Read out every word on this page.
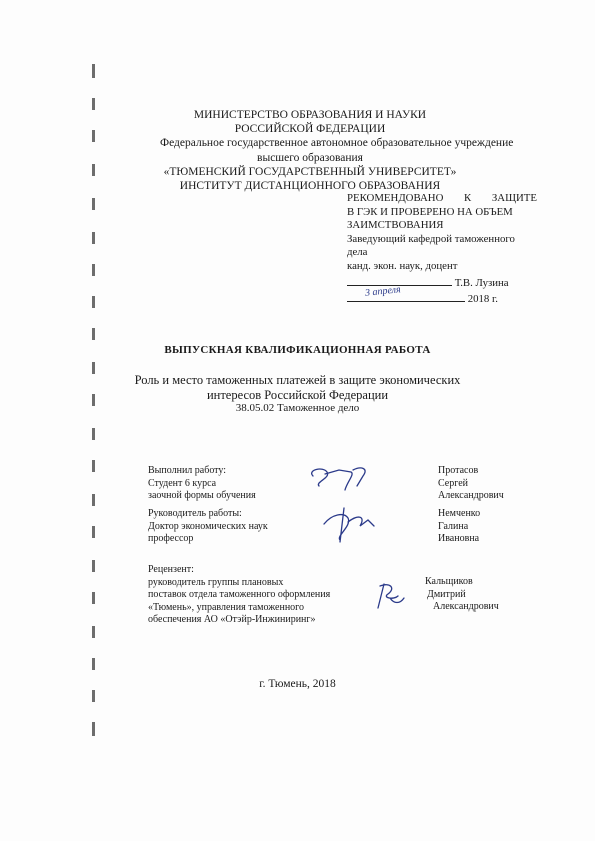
МИНИСТЕРСТВО ОБРАЗОВАНИЯ И НАУКИ
РОССИЙСКОЙ ФЕДЕРАЦИИ
Федеральное государственное автономное образовательное учреждение
высшего образования
«ТЮМЕНСКИЙ ГОСУДАРСТВЕННЫЙ УНИВЕРСИТЕТ»
ИНСТИТУТ ДИСТАНЦИОННОГО ОБРАЗОВАНИЯ
РЕКОМЕНДОВАНО К ЗАЩИТЕ
В ГЭК И ПРОВЕРЕНО НА ОБЪЕМ
ЗАИМСТВОВАНИЯ
Заведующий кафедрой таможенного
дела
канд. экон. наук, доцент
Т.В. Лузина
3 апреля
2018 г.
ВЫПУСКНАЯ КВАЛИФИКАЦИОННАЯ РАБОТА
Роль и место таможенных платежей в защите экономических
интересов Российской Федерации
38.05.02 Таможенное дело
Выполнил работу:
Студент 6 курса
заочной формы обучения
Протасов
Сергей
Александрович
Руководитель работы:
Доктор экономических наук
профессор
Немченко
Галина
Ивановна
Рецензент:
руководитель группы плановых
поставок отдела таможенного оформления
«Тюмень», управления таможенного
обеспечения АО «Отэйр-Инжиниринг»
Кальщиков
Дмитрий
Александрович
г. Тюмень, 2018
